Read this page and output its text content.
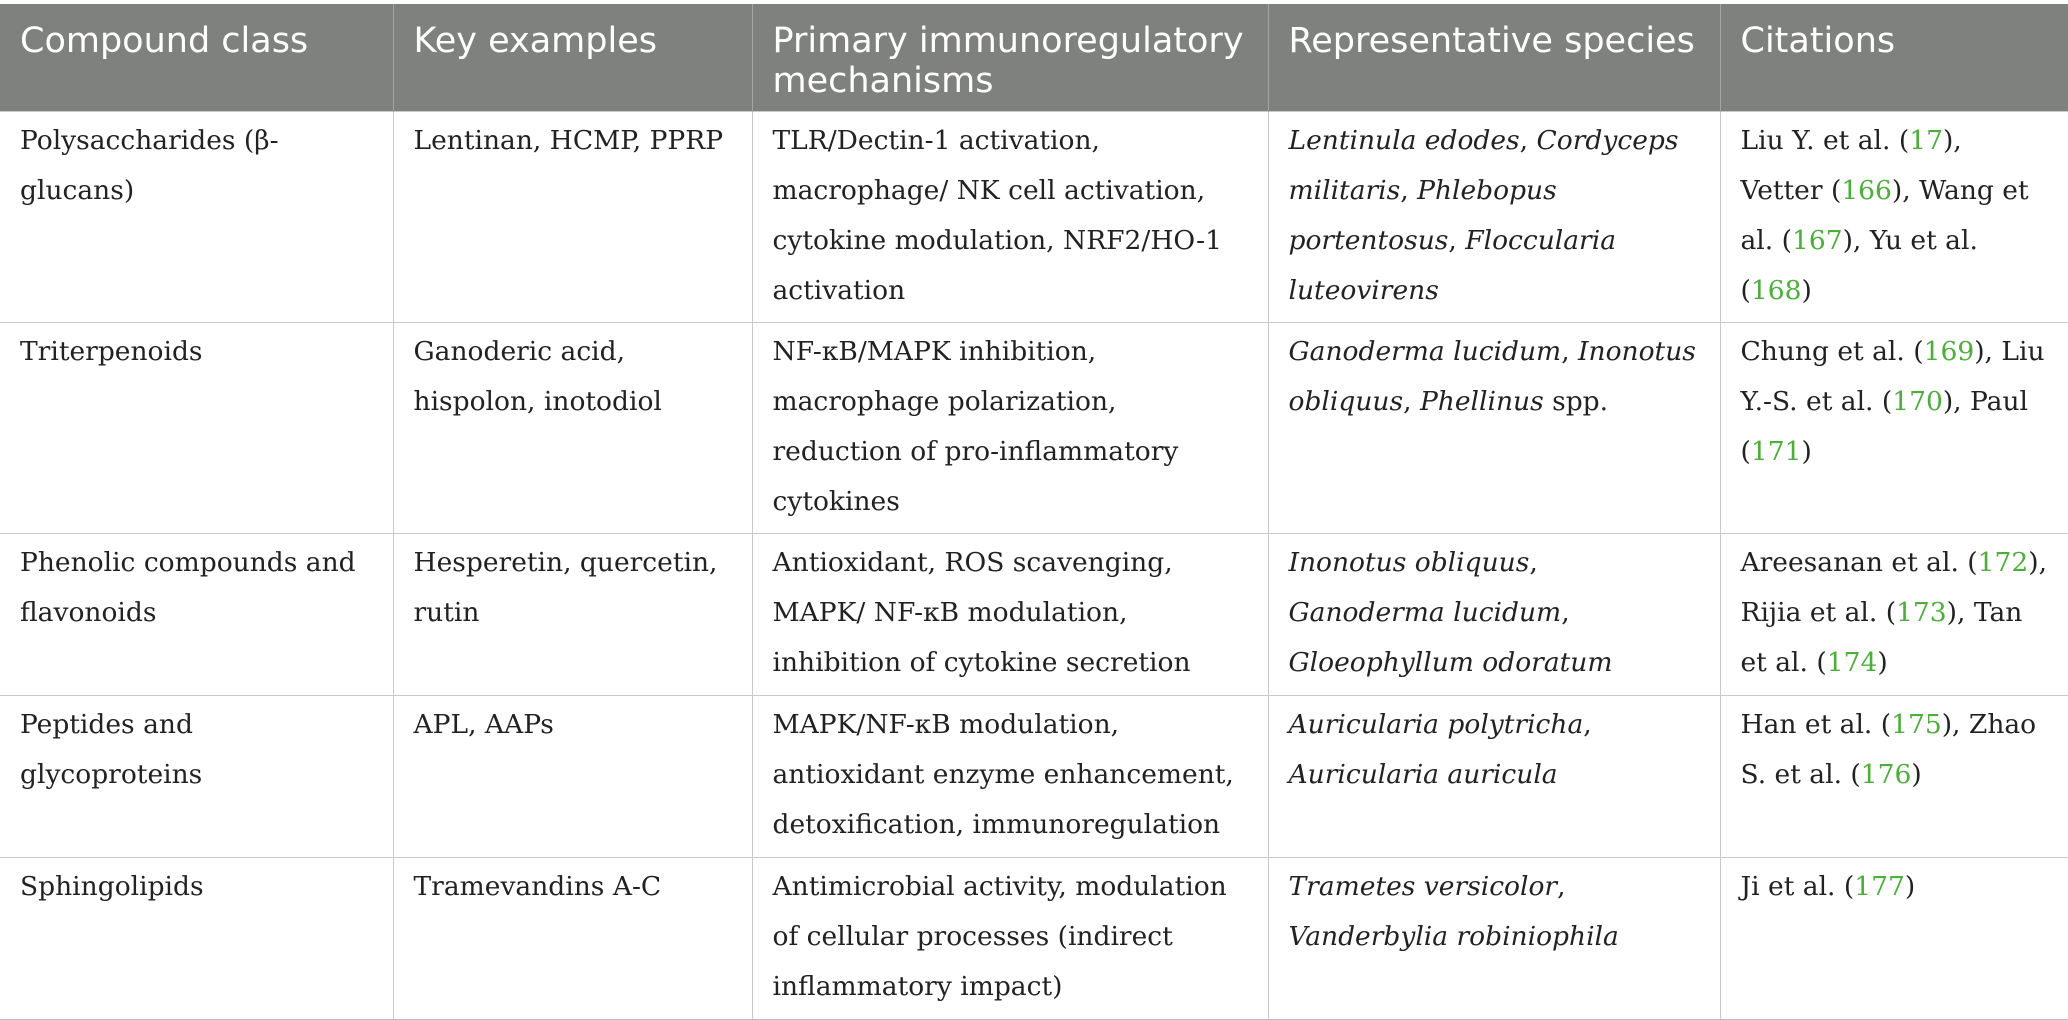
Compound class	Key examples	Primary immunoregulatory mechanisms	Representative species	Citations
Polysaccharides (β-glucans)	Lentinan, HCMP, PPRP	TLR/Dectin-1 activation, macrophage/ NK cell activation, cytokine modulation, NRF2/HO-1 activation	Lentinula edodes, Cordyceps militaris, Phlebopus portentosus, Floccularia luteovirens	Liu Y. et al. (17), Vetter (166), Wang et al. (167), Yu et al. (168)
Triterpenoids	Ganoderic acid, hispolon, inotodiol	NF-κB/MAPK inhibition, macrophage polarization, reduction of pro-inflammatory cytokines	Ganoderma lucidum, Inonotus obliquus, Phellinus spp.	Chung et al. (169), Liu Y.-S. et al. (170), Paul (171)
Phenolic compounds and flavonoids	Hesperetin, quercetin, rutin	Antioxidant, ROS scavenging, MAPK/ NF-κB modulation, inhibition of cytokine secretion	Inonotus obliquus, Ganoderma lucidum, Gloeophyllum odoratum	Areesanan et al. (172), Rijia et al. (173), Tan et al. (174)
Peptides and glycoproteins	APL, AAPs	MAPK/NF-κB modulation, antioxidant enzyme enhancement, detoxification, immunoregulation	Auricularia polytricha, Auricularia auricula	Han et al. (175), Zhao S. et al. (176)
Sphingolipids	Tramevandins A-C	Antimicrobial activity, modulation of cellular processes (indirect inflammatory impact)	Trametes versicolor, Vanderbylia robiniophila	Ji et al. (177)
